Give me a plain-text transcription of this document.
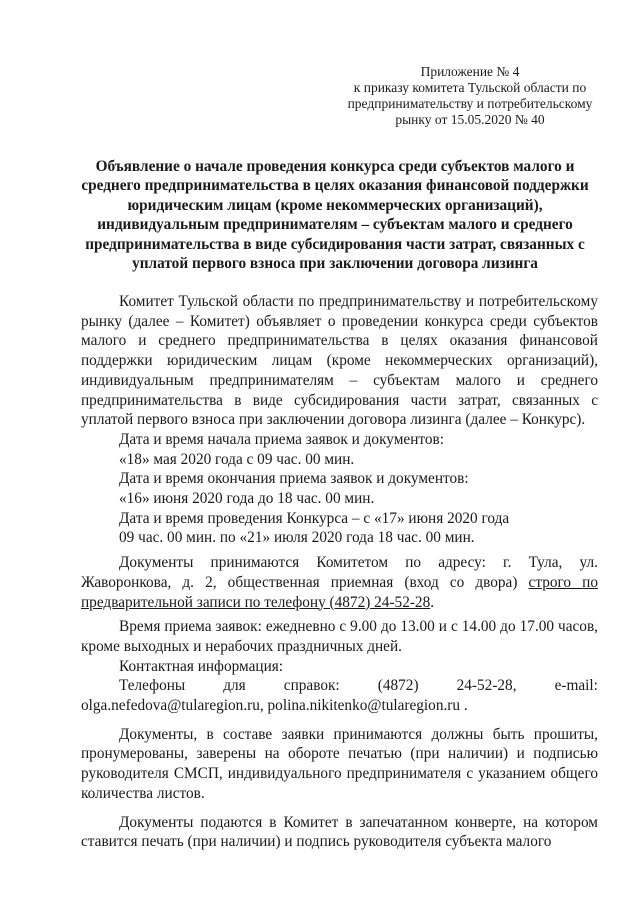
Приложение № 4
к приказу комитета Тульской области по
предпринимательству и потребительскому
рынку от 15.05.2020 № 40
Объявление о начале проведения конкурса среди субъектов малого и
среднего предпринимательства в целях оказания финансовой поддержки
юридическим лицам (кроме некоммерческих организаций),
индивидуальным предпринимателям – субъектам малого и среднего
предпринимательства в виде субсидирования части затрат, связанных с
уплатой первого взноса при заключении договора лизинга
Комитет Тульской области по предпринимательству и потребительскому рынку (далее – Комитет) объявляет о проведении конкурса среди субъектов малого и среднего предпринимательства в целях оказания финансовой поддержки юридическим лицам (кроме некоммерческих организаций), индивидуальным предпринимателям – субъектам малого и среднего предпринимательства в виде субсидирования части затрат, связанных с уплатой первого взноса при заключении договора лизинга (далее – Конкурс).
Дата и время начала приема заявок и документов:
«18» мая 2020 года с 09 час. 00 мин.
Дата и время окончания приема заявок и документов:
«16» июня 2020 года до 18 час. 00 мин.
Дата и время проведения Конкурса – с «17» июня 2020 года
09 час. 00 мин. по «21» июля 2020 года 18 час. 00 мин.
Документы принимаются Комитетом по адресу: г. Тула, ул. Жаворонкова, д. 2, общественная приемная (вход со двора) строго по предварительной записи по телефону (4872) 24-52-28.
Время приема заявок: ежедневно с 9.00 до 13.00 и с 14.00 до 17.00 часов, кроме выходных и нерабочих праздничных дней.
Контактная информация:
Телефоны для справок: (4872) 24-52-28, e-mail:
olga.nefedova@tularegion.ru, polina.nikitenko@tularegion.ru .
Документы, в составе заявки принимаются должны быть прошиты, пронумерованы, заверены на обороте печатью (при наличии) и подписью руководителя СМСП, индивидуального предпринимателя с указанием общего количества листов.
Документы подаются в Комитет в запечатанном конверте, на котором ставится печать (при наличии) и подпись руководителя субъекта малого
